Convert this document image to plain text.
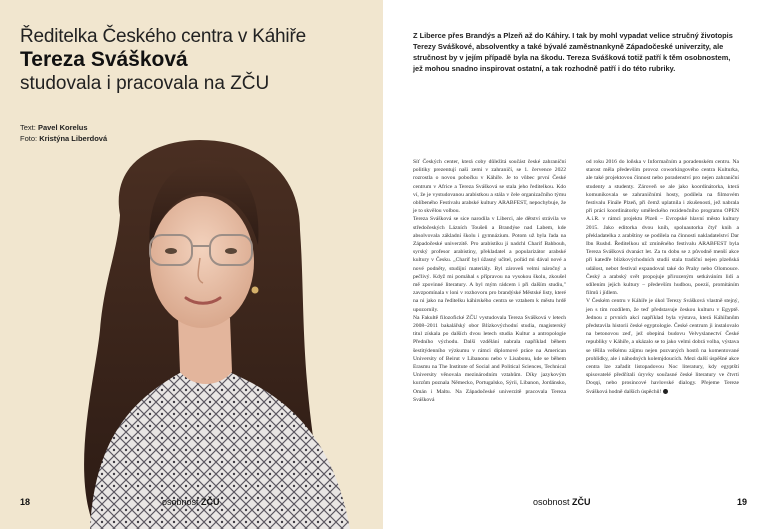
Ředitelka Českého centra v Káhiře
Tereza Svášková
studovala i pracovala na ZČU
Text: Pavel Korelus
Foto: Kristýna Liberdová
18	osobnost ZČU
Z Liberce přes Brandýs a Plzeň až do Káhiry. I tak by mohl vypadat velice stručný životopis Terezy Sváškové, absolventky a také bývalé zaměstnankyně Západočeské univerzity, ale stručnost by v jejím případě byla na škodu. Tereza Svášková totiž patří k těm osobnostem, jež mohou snadno inspirovat ostatní, a tak rozhodně patří i do této rubriky.

Síť Českých center, která coby důležitá součást české zahraniční politiky prezentují naši zemi v zahraničí, se 1. července 2022 rozrostla o novou pobočku v Káhiře. Je to vůbec první České centrum v Africe a Tereza Svášková se stala jeho ředitelkou. Kdo ví, že je vystudovanou arabistkou a stála v čele organizačního týmu oblíbeného Festivalu arabské kultury ARABFEST, nepochybuje, že je to skvělou volbou.

Tereza Svášková se sice narodila v Liberci, ale dětství strávila ve středočeských Lázních Toušeň a Brandýse nad Labem, kde absolvovala základní školu i gymnázium. Potom už byla řada na Západočeské univerzitě. Pro arabistiku ji nadchl Charif Bahbouh, syrský profesor arabistiny, překladatel a popularizátor arabské kultury v Česku. „Charif byl úžasný učitel, pořád mi dával nové a nové podněty, studijní materiály. Byl zároveň velmi náročný a pečlivý. Když mi pomáhal s přípravou na vysokou školu, zkoušel mě zpovinné literatury. A byl mým rádcem i při dalším studiu," zavzpomínala v loni v rozhovoru pro brandýské Městské listy, které na ni jako na ředitelku káhirského centra se vztahem k městu hrdě upozornily.

Na Fakultě filozofické ZČU vystudovala Tereza Svášková v letech 2008–2011 bakalářský obor Blízkovýchodní studia, magisterský titul získala po dalších dvou letech studia Kultur a antropologie Předního východu. Další vzdělání nabrala například během šestitýdenního výzkumu v rámci diplomové práce na American University of Beirut v Libanonu nebo v Lisabonu, kde se během Erasmu na The Institute of Social and Political Sciences, Technical University věnovala mezinárodním vztahům. Díky jazykovým kurzům poznala Německo, Portugalsko, Sýrii, Libanon, Jordánsko, Omán i Maltu. Na Západočeské univerzitě pracovala Tereza Svášková

od roku 2016 do loňska v Informačním a poradenském centru. Na starost měla především provoz coworkingového centra Kulturka, ale také projektovou činnost nebo poradenství pro nejen zahraniční studenty a studenty. Zároveň se ale jako koordinátorka, která komunikovala se zahraničními hosty, podílela na filmovém festivalu Finále Plzeň, při čemž uplatnila i zkušenosti, jež nabrala při práci koordinátorky uměleckého rezidenčního programu OPEN A.i.R. v rámci projektu Plzeň – Evropské hlavní město kultury 2015. Jako editorka dvou knih, spoluautorka čtyř knih a překladatelka z arabštiny se podílela na činnosti nakladatelství Dar Ibn Rushd. Ředitelkou už zmíněného festivalu ARABFEST byla Tereza Svášková dvanáct let. Za tu dobu se z původně menší akce při katedře blízkovýchodních studií stala tradiční nejen plzeňská událost, nebot festival expandoval také do Prahy nebo Olomouce. Český a arabský svět propojuje přirozeným setkáváním lidí a sdílením jejich kultury – především hudbou, poezií, promítáním filmů i jídlem.

V Českém centru v Káhiře je úkol Terezy Svášková vlastně stejný, jen s tím rozdílem, že teď představuje českou kulturu v Egyptě. Jednou z prvních akcí například byla výstava, která Káhiřanům představila historii české egyptologie. České centrum ji instalovalo na betonovou zeď, jež obepíná budovu Velvyslanectví České republiky v Káhiře, a ukázalo se to jako velmi dobrá volba, výstava se těšila velkému zájmu nejen pozvaných hostů na komentované prohlídky, ale i náhodných kolemjdoucích. Mezi další úspěšné akce centra lze zařadit listopadovou Noc literatury, kdy egyptští spisovatelé předčítali úryvky současné české literatury ve čtvrti Doqqi, nebo prosincové havlovské dialogy. Přejeme Tereze Svášková hodně dalších úspěchů!

osobnost ZČU	19
